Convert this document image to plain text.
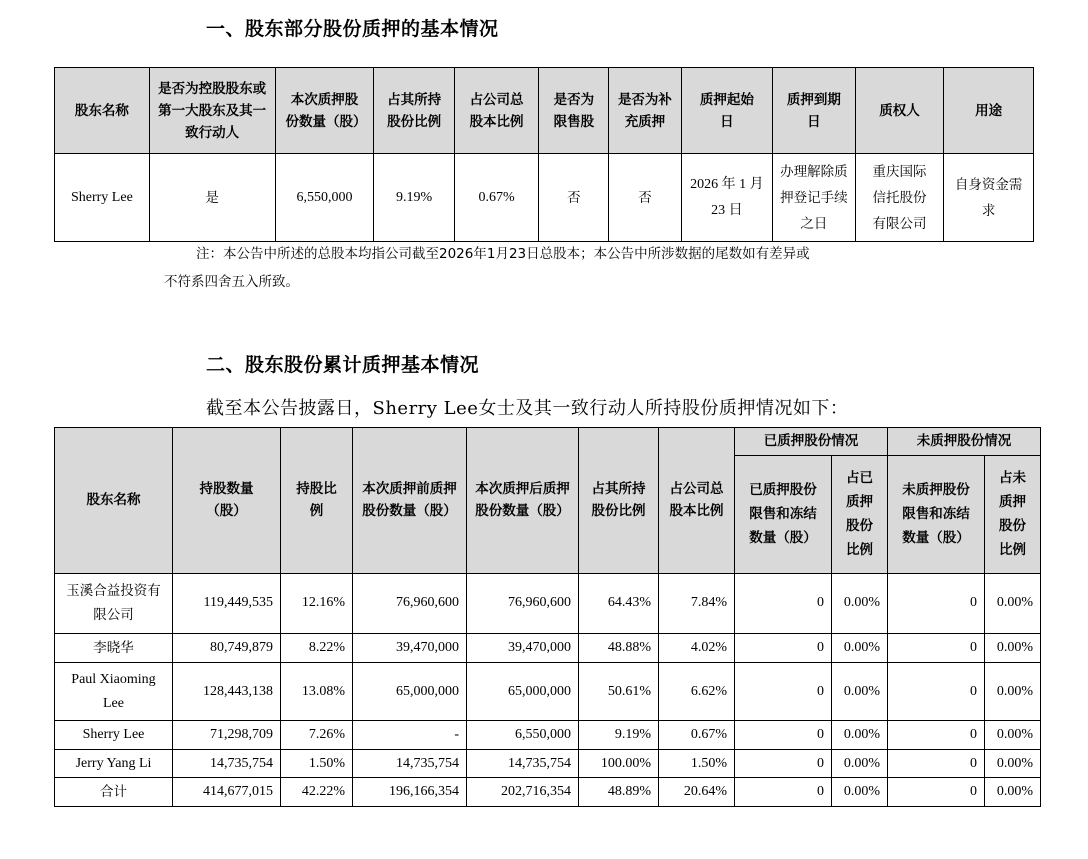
一、股东部分股份质押的基本情况
股东名称	是否为控股股东或第一大股东及其一致行动人	本次质押股份数量（股）	占其所持股份比例	占公司总股本比例	是否为限售股	是否为补充质押	质押起始日	质押到期日	质权人	用途
Sherry Lee	是	6,550,000	9.19%	0.67%	否	否	2026 年 1 月 23 日	办理解除质押登记手续之日	重庆国际信托股份有限公司	自身资金需求
注：本公告中所述的总股本均指公司截至2026年1月23日总股本；本公告中所涉数据的尾数如有差异或
不符系四舍五入所致。
二、股东股份累计质押基本情况
截至本公告披露日，Sherry Lee女士及其一致行动人所持股份质押情况如下：
股东名称	持股数量（股）	持股比例	本次质押前质押股份数量（股）	本次质押后质押股份数量（股）	占其所持股份比例	占公司总股本比例	已质押股份情况		未质押股份情况	
							已质押股份限售和冻结数量（股）	占已质押股份比例	未质押股份限售和冻结数量（股）	占未质押股份比例
玉溪合益投资有限公司	119,449,535	12.16%	76,960,600	76,960,600	64.43%	7.84%	0	0.00%	0	0.00%
李晓华	80,749,879	8.22%	39,470,000	39,470,000	48.88%	4.02%	0	0.00%	0	0.00%
Paul Xiaoming Lee	128,443,138	13.08%	65,000,000	65,000,000	50.61%	6.62%	0	0.00%	0	0.00%
Sherry Lee	71,298,709	7.26%	-	6,550,000	9.19%	0.67%	0	0.00%	0	0.00%
Jerry Yang Li	14,735,754	1.50%	14,735,754	14,735,754	100.00%	1.50%	0	0.00%	0	0.00%
合计	414,677,015	42.22%	196,166,354	202,716,354	48.89%	20.64%	0	0.00%	0	0.00%
